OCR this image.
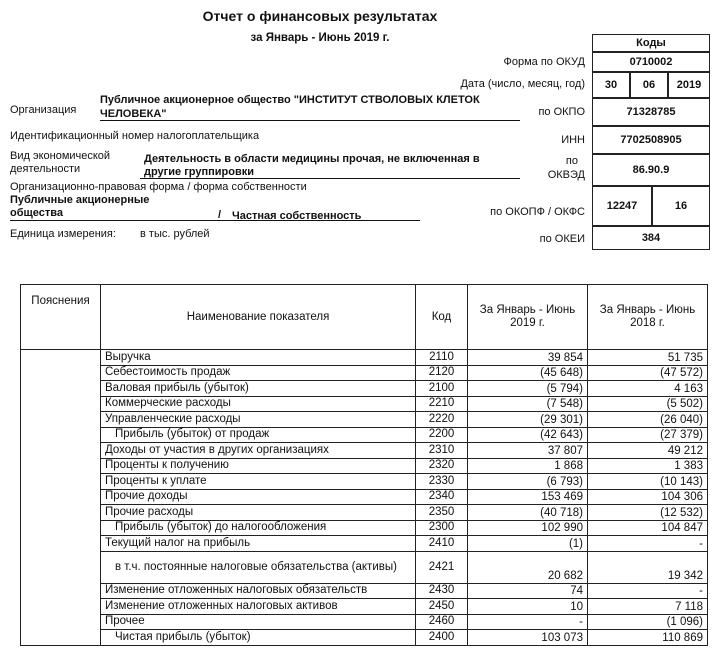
Отчет о финансовых результатах
за Январь - Июнь 2019 г.	Коды
Форма по ОКУД	0710002
Дата (число, месяц, год)	30	06	2019
по ОКПО	71328785
ИНН	7702508905
по
ОКВЭД	86.90.9
по ОКОПФ / ОКФС	12247	16
по ОКЕИ	384
Организация
Публичное акционерное общество "ИНСТИТУТ СТВОЛОВЫХ КЛЕТОК
ЧЕЛОВЕКА"
Идентификационный номер налогоплательщика
Вид экономической
деятельности
Деятельность в области медицины прочая, не включенная в
другие группировки
Организационно-правовая форма / форма собственности
Публичные акционерные
общества	/ Частная собственность
Единица измерения: в тыс. рублей
Пояснения	Наименование показателя	Код	За Январь - Июнь
2019 г.	За Январь - Июнь
2018 г.
	Выручка	2110	39 854	51 735
	Себестоимость продаж	2120	(45 648)	(47 572)
	Валовая прибыль (убыток)	2100	(5 794)	4 163
	Коммерческие расходы	2210	(7 548)	(5 502)
	Управленческие расходы	2220	(29 301)	(26 040)
	Прибыль (убыток) от продаж	2200	(42 643)	(27 379)
	Доходы от участия в других организациях	2310	37 807	49 212
	Проценты к получению	2320	1 868	1 383
	Проценты к уплате	2330	(6 793)	(10 143)
	Прочие доходы	2340	153 469	104 306
	Прочие расходы	2350	(40 718)	(12 532)
	Прибыль (убыток) до налогообложения	2300	102 990	104 847
	Текущий налог на прибыль	2410	(1)	-
	в т.ч. постоянные налоговые обязательства (активы)	2421	20 682	19 342
	Изменение отложенных налоговых обязательств	2430	74	-
	Изменение отложенных налоговых активов	2450	10	7 118
	Прочее	2460	-	(1 096)
	Чистая прибыль (убыток)	2400	103 073	110 869
